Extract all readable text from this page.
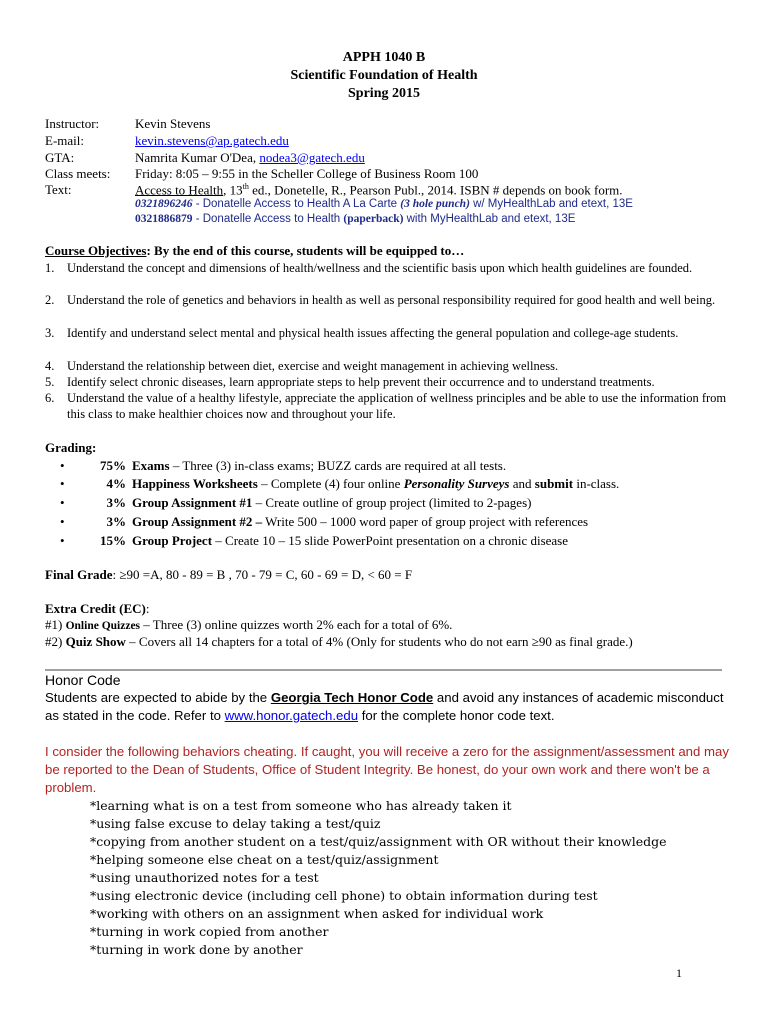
APPH 1040 B
Scientific Foundation of Health
Spring 2015
Instructor:	Kevin Stevens
E-mail:	kevin.stevens@ap.gatech.edu
GTA:	Namrita Kumar O'Dea, nodea3@gatech.edu
Class meets: Friday: 8:05 – 9:55 in the Scheller College of Business Room 100
Text:	Access to Health, 13th ed., Donetelle, R., Pearson Publ., 2014. ISBN # depends on book form.
0321896246 - Donatelle Access to Health A La Carte (3 hole punch) w/ MyHealthLab and etext, 13E
0321886879 - Donatelle Access to Health (paperback) with MyHealthLab and etext, 13E
Course Objectives: By the end of this course, students will be equipped to…
1. Understand the concept and dimensions of health/wellness and the scientific basis upon which health guidelines are founded.
2. Understand the role of genetics and behaviors in health as well as personal responsibility required for good health and well being.
3. Identify and understand select mental and physical health issues affecting the general population and college-age students.
4. Understand the relationship between diet, exercise and weight management in achieving wellness.
5. Identify select chronic diseases, learn appropriate steps to help prevent their occurrence and to understand treatments.
6. Understand the value of a healthy lifestyle, appreciate the application of wellness principles and be able to use the information from this class to make healthier choices now and throughout your life.
Grading:
•	75% Exams – Three (3) in-class exams; BUZZ cards are required at all tests.
•	4% Happiness Worksheets – Complete (4) four online Personality Surveys and submit in-class.
•	3% Group Assignment #1 – Create outline of group project (limited to 2-pages)
•	3% Group Assignment #2 – Write 500 – 1000 word paper of group project with references
•	15% Group Project – Create 10 – 15 slide PowerPoint presentation on a chronic disease
Final Grade: ≥90 =A, 80 - 89 = B , 70 - 79 = C, 60 - 69 = D, < 60 = F
Extra Credit (EC):
#1) Online Quizzes – Three (3) online quizzes worth 2% each for a total of 6%.
#2) Quiz Show – Covers all 14 chapters for a total of 4% (Only for students who do not earn ≥90 as final grade.)
Honor Code
Students are expected to abide by the Georgia Tech Honor Code and avoid any instances of academic misconduct as stated in the code. Refer to www.honor.gatech.edu for the complete honor code text.
I consider the following behaviors cheating. If caught, you will receive a zero for the assignment/assessment and may be reported to the Dean of Students, Office of Student Integrity. Be honest, do your own work and there won't be a problem.
*learning what is on a test from someone who has already taken it
*using false excuse to delay taking a test/quiz
*copying from another student on a test/quiz/assignment with OR without their knowledge
*helping someone else cheat on a test/quiz/assignment
*using unauthorized notes for a test
*using electronic device (including cell phone) to obtain information during test
*working with others on an assignment when asked for individual work
*turning in work copied from another
*turning in work done by another
1
